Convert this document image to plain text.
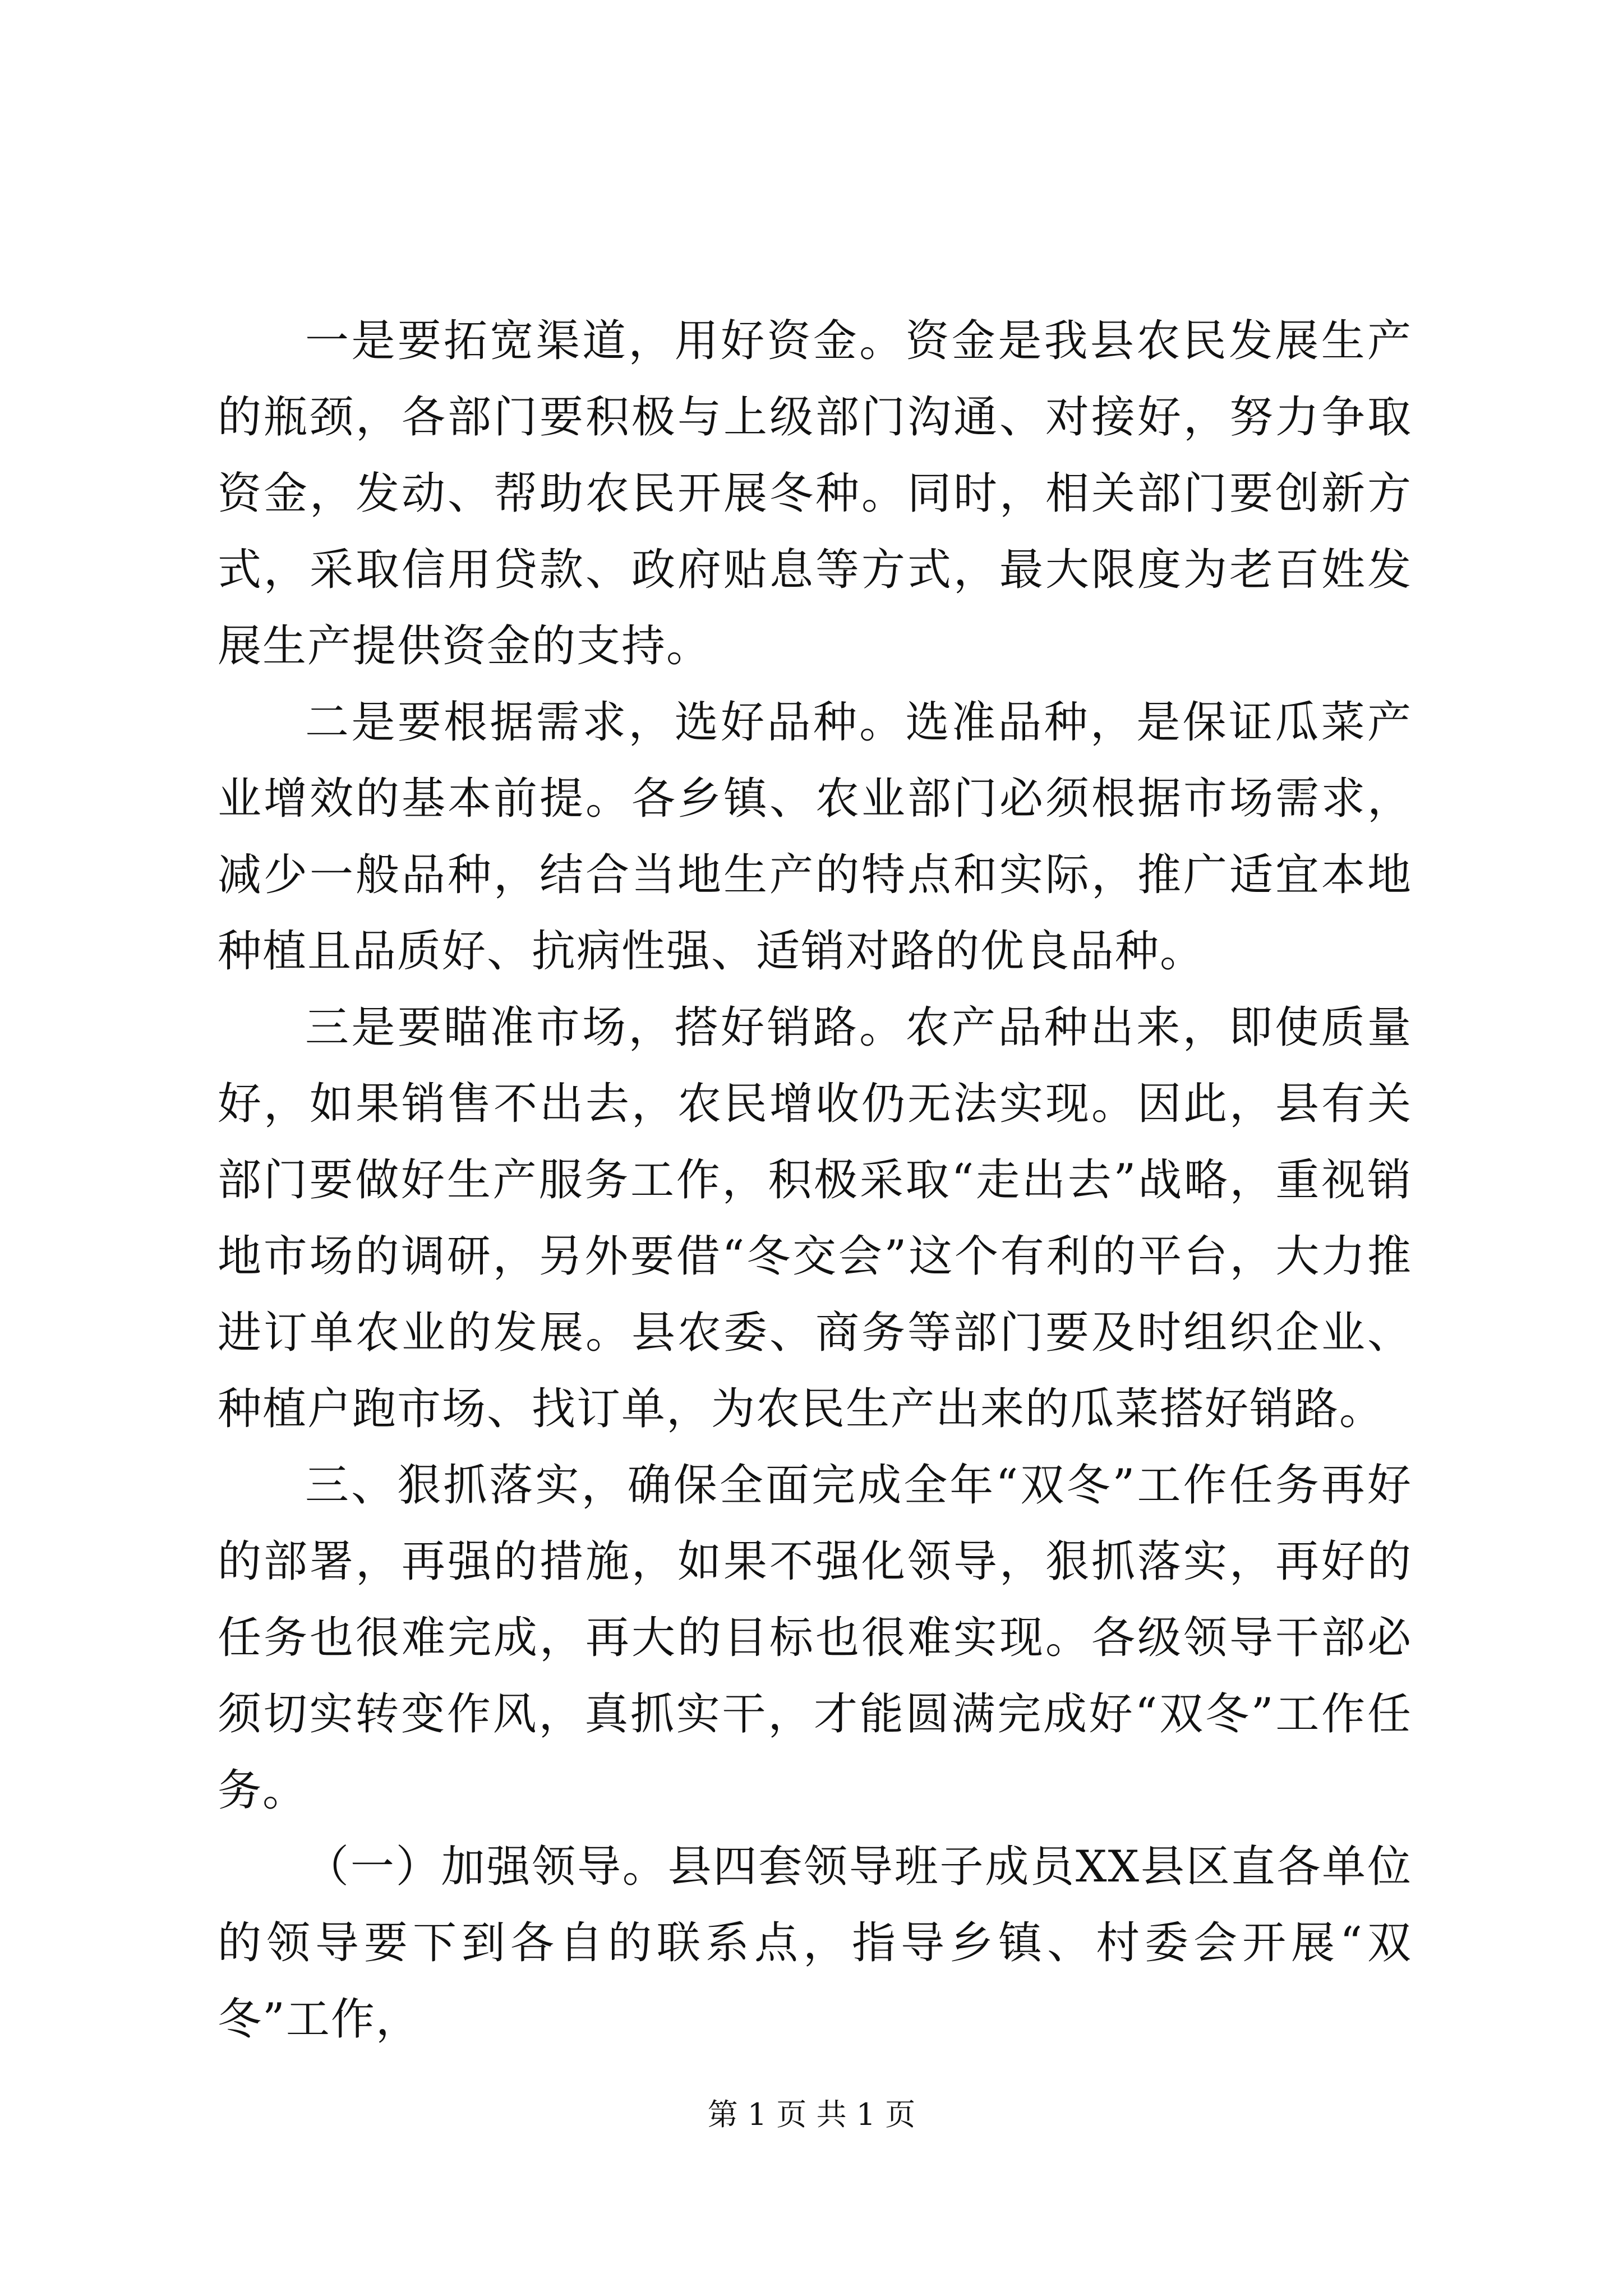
一是要拓宽渠道，用好资金。资金是我县农民发展生产的瓶颈，各部门要积极与上级部门沟通、对接好，努力争取资金，发动、帮助农民开展冬种。同时，相关部门要创新方式，采取信用贷款、政府贴息等方式，最大限度为老百姓发展生产提供资金的支持。

二是要根据需求，选好品种。选准品种，是保证瓜菜产业增效的基本前提。各乡镇、农业部门必须根据市场需求，减少一般品种，结合当地生产的特点和实际，推广适宜本地种植且品质好、抗病性强、适销对路的优良品种。

三是要瞄准市场，搭好销路。农产品种出来，即使质量好，如果销售不出去，农民增收仍无法实现。因此，县有关部门要做好生产服务工作，积极采取“走出去”战略，重视销地市场的调研，另外要借“冬交会”这个有利的平台，大力推进订单农业的发展。县农委、商务等部门要及时组织企业、种植户跑市场、找订单，为农民生产出来的瓜菜搭好销路。

三、狠抓落实，确保全面完成全年“双冬”工作任务再好的部署，再强的措施，如果不强化领导，狠抓落实，再好的任务也很难完成，再大的目标也很难实现。各级领导干部必须切实转变作风，真抓实干，才能圆满完成好“双冬”工作任务。

（一）加强领导。县四套领导班子成员XX县区直各单位的领导要下到各自的联系点，指导乡镇、村委会开展“双冬”工作，

第 1 页 共 1 页
